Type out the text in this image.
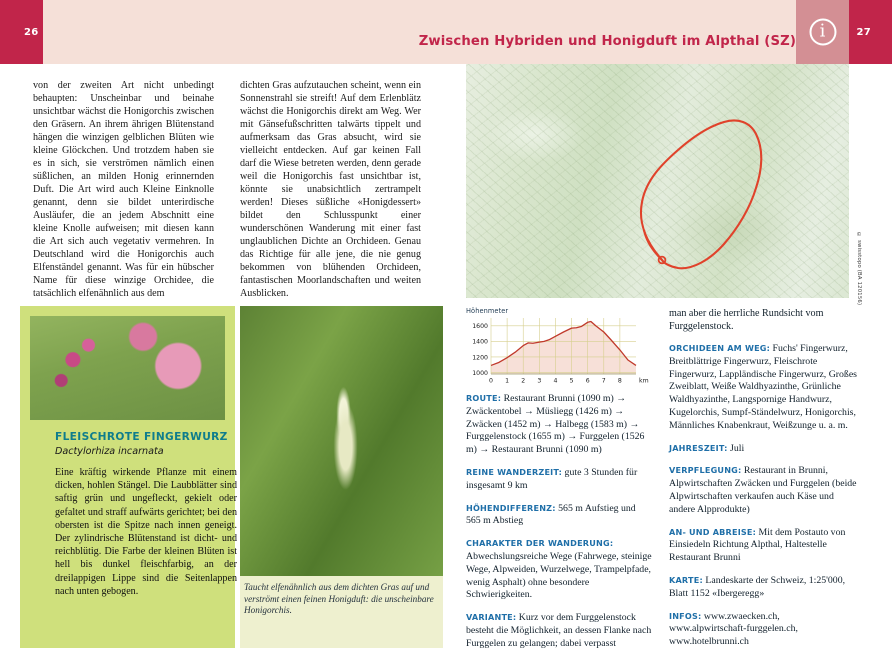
26
Zwischen Hybriden und Honigduft im Alpthal (SZ)
i	27
von der zweiten Art nicht unbedingt behaupten: Unscheinbar und beinahe unsichtbar wächst die Honigorchis zwischen den Gräsern. An ihrem ährigen Blütenstand hängen die winzigen gelblichen Blüten wie kleine Glöckchen. Und trotzdem haben sie es in sich, sie verströmen nämlich einen süßlichen, an milden Honig erinnernden Duft. Die Art wird auch Kleine Einknolle genannt, denn sie bildet unterirdische Ausläufer, die an jedem Abschnitt eine kleine Knolle aufweisen; mit diesen kann die Art sich auch vegetativ vermehren. In Deutschland wird die Honigorchis auch Elfenständel genannt. Was für ein hübscher Name für diese winzige Orchidee, die tatsächlich elfenähnlich aus dem
dichten Gras aufzutauchen scheint, wenn ein Sonnenstrahl sie streift! Auf dem Erlenblätz wächst die Honigorchis direkt am Weg. Wer mit Gänsefußschritten talwärts tippelt und aufmerksam das Gras absucht, wird sie vielleicht entdecken. Auf gar keinen Fall darf die Wiese betreten werden, denn gerade weil die Honigorchis fast unsichtbar ist, könnte sie unabsichtlich zertrampelt werden! Dieses süßliche «Honigdessert» bildet den Schlusspunkt einer wunderschönen Wanderung mit einer fast unglaublichen Dichte an Orchideen. Genau das Richtige für alle jene, die nie genug bekommen von blühenden Orchideen, fantastischen Moorlandschaften und weiten Ausblicken.
FLEISCHROTE FINGERWURZ
Dactylorhiza incarnata
Eine kräftig wirkende Pflanze mit einem dicken, hohlen Stängel. Die Laubblätter sind saftig grün und ungefleckt, gekielt oder gefaltet und straff aufwärts gerichtet; bei den obersten ist die Spitze nach innen geneigt. Der zylindrische Blütenstand ist dicht- und reichblütig. Die Farbe der kleinen Blüten ist hell bis dunkel fleischfarbig, an der dreilappigen Lippe sind die Seitenlappen nach unten gebogen.	Taucht elfenähnlich aus dem dichten Gras auf und verströmt einen feinen Honigduft: die unscheinbare Honigorchis.
© swisstopo (BA 120156)
Höhenmeter
1000
1200
1400
1600
0 1 2 3 4 5 6 7 8	km
ROUTE: Restaurant Brunni (1090 m) → Zwäckentobel → Müsliegg (1426 m) → Zwäcken (1452 m) → Halbegg (1583 m) → Furggelenstock (1655 m) → Furggelen (1526 m) → Restaurant Brunni (1090 m)
REINE WANDERZEIT: gute 3 Stunden für insgesamt 9 km
HÖHENDIFFERENZ: 565 m Aufstieg und 565 m Abstieg
CHARAKTER DER WANDERUNG: Abwechslungsreiche Wege (Fahrwege, steinige Wege, Alpweiden, Wurzelwege, Trampelpfade, wenig Asphalt) ohne besondere Schwierigkeiten.
VARIANTE: Kurz vor dem Furggelenstock besteht die Möglichkeit, an dessen Flanke nach Furggelen zu gelangen; dabei verpasst
man aber die herrliche Rundsicht vom Furggelenstock.
ORCHIDEEN AM WEG: Fuchs' Fingerwurz, Breitblättrige Fingerwurz, Fleischrote Fingerwurz, Lappländische Fingerwurz, Großes Zweiblatt, Weiße Waldhyazinthe, Grünliche Waldhyazinthe, Langspornige Handwurz, Kugelorchis, Sumpf-Ständelwurz, Honigorchis, Männliches Knabenkraut, Weißzunge u. a. m.
JAHRESZEIT: Juli
VERPFLEGUNG: Restaurant in Brunni, Alpwirtschaften Zwäcken und Furggelen (beide Alpwirtschaften verkaufen auch Käse und andere Alpprodukte)
AN- UND ABREISE: Mit dem Postauto von Einsiedeln Richtung Alpthal, Haltestelle Restaurant Brunni
KARTE: Landeskarte der Schweiz, 1:25'000, Blatt 1152 «Ibergeregg»
INFOS: www.zwaecken.ch, www.alpwirtschaft-furggelen.ch, www.hotelbrunni.ch
